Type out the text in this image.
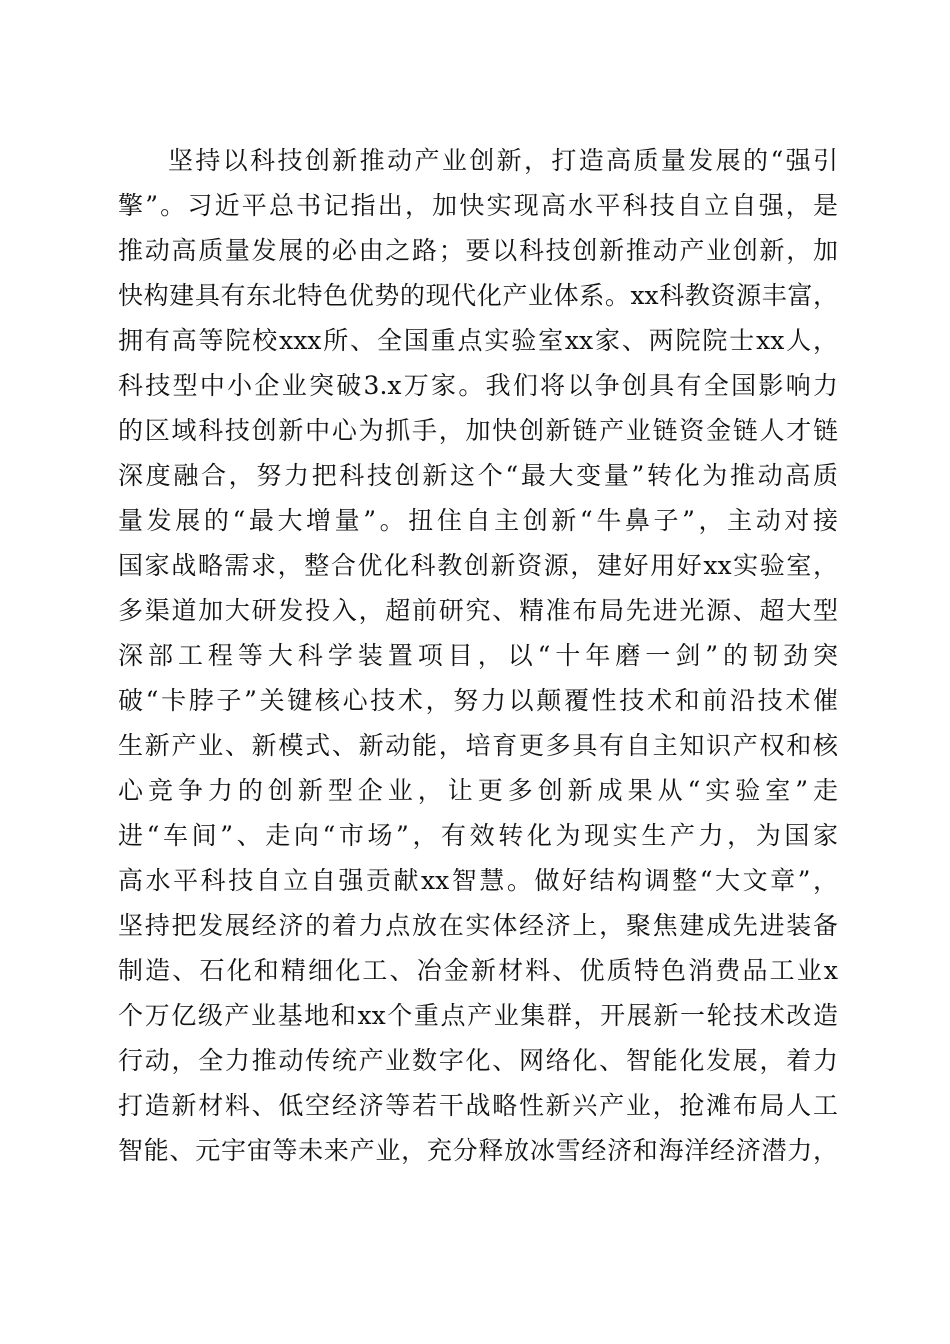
坚持以科技创新推动产业创新，打造高质量发展的“强引
擎”。习近平总书记指出，加快实现高水平科技自立自强，是
推动高质量发展的必由之路；要以科技创新推动产业创新，加
快构建具有东北特色优势的现代化产业体系。xx科教资源丰富，
拥有高等院校xxx所、全国重点实验室xx家、两院院士xx人，
科技型中小企业突破3.x万家。我们将以争创具有全国影响力
的区域科技创新中心为抓手，加快创新链产业链资金链人才链
深度融合，努力把科技创新这个“最大变量”转化为推动高质
量发展的“最大增量”。扭住自主创新“牛鼻子”，主动对接
国家战略需求，整合优化科教创新资源，建好用好xx实验室，
多渠道加大研发投入，超前研究、精准布局先进光源、超大型
深部工程等大科学装置项目，以“十年磨一剑”的韧劲突
破“卡脖子”关键核心技术，努力以颠覆性技术和前沿技术催
生新产业、新模式、新动能，培育更多具有自主知识产权和核
心竞争力的创新型企业，让更多创新成果从“实验室”走
进“车间”、走向“市场”，有效转化为现实生产力，为国家
高水平科技自立自强贡献xx智慧。做好结构调整“大文章”，
坚持把发展经济的着力点放在实体经济上，聚焦建成先进装备
制造、石化和精细化工、冶金新材料、优质特色消费品工业x
个万亿级产业基地和xx个重点产业集群，开展新一轮技术改造
行动，全力推动传统产业数字化、网络化、智能化发展，着力
打造新材料、低空经济等若干战略性新兴产业，抢滩布局人工
智能、元宇宙等未来产业，充分释放冰雪经济和海洋经济潜力，
